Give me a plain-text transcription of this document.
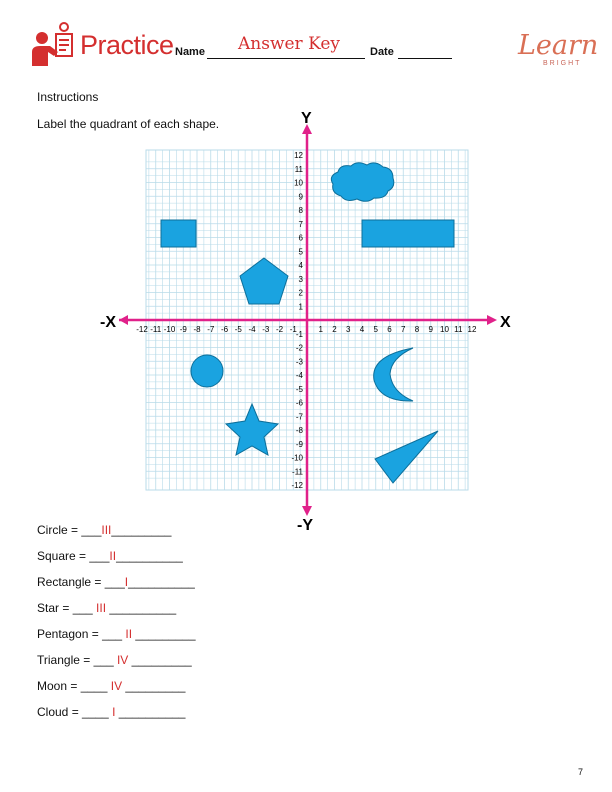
Practice Name	Answer Key	Date	Learn
BRIGHT
Instructions
Label the quadrant of each shape.
-12
-12
-11
-11
-10
-10
-9
-9
-8
-8
-7
-7
-6
-6
-5
-5
-4
-4
-3
-3
-2
-2
-1
-1
1
1
2
2
3
3
4
4
5
5
6
6
7
7
8
8
9
9
10
10
11
11
12
12
Y
-Y
X
-X
Circle = ___III_________
Square = ___II__________
Rectangle = ___I__________
Star = ___ III __________
Pentagon = ___ II _________
Triangle = ___ IV _________
Moon = ____ IV _________
Cloud = ____ I __________
7
